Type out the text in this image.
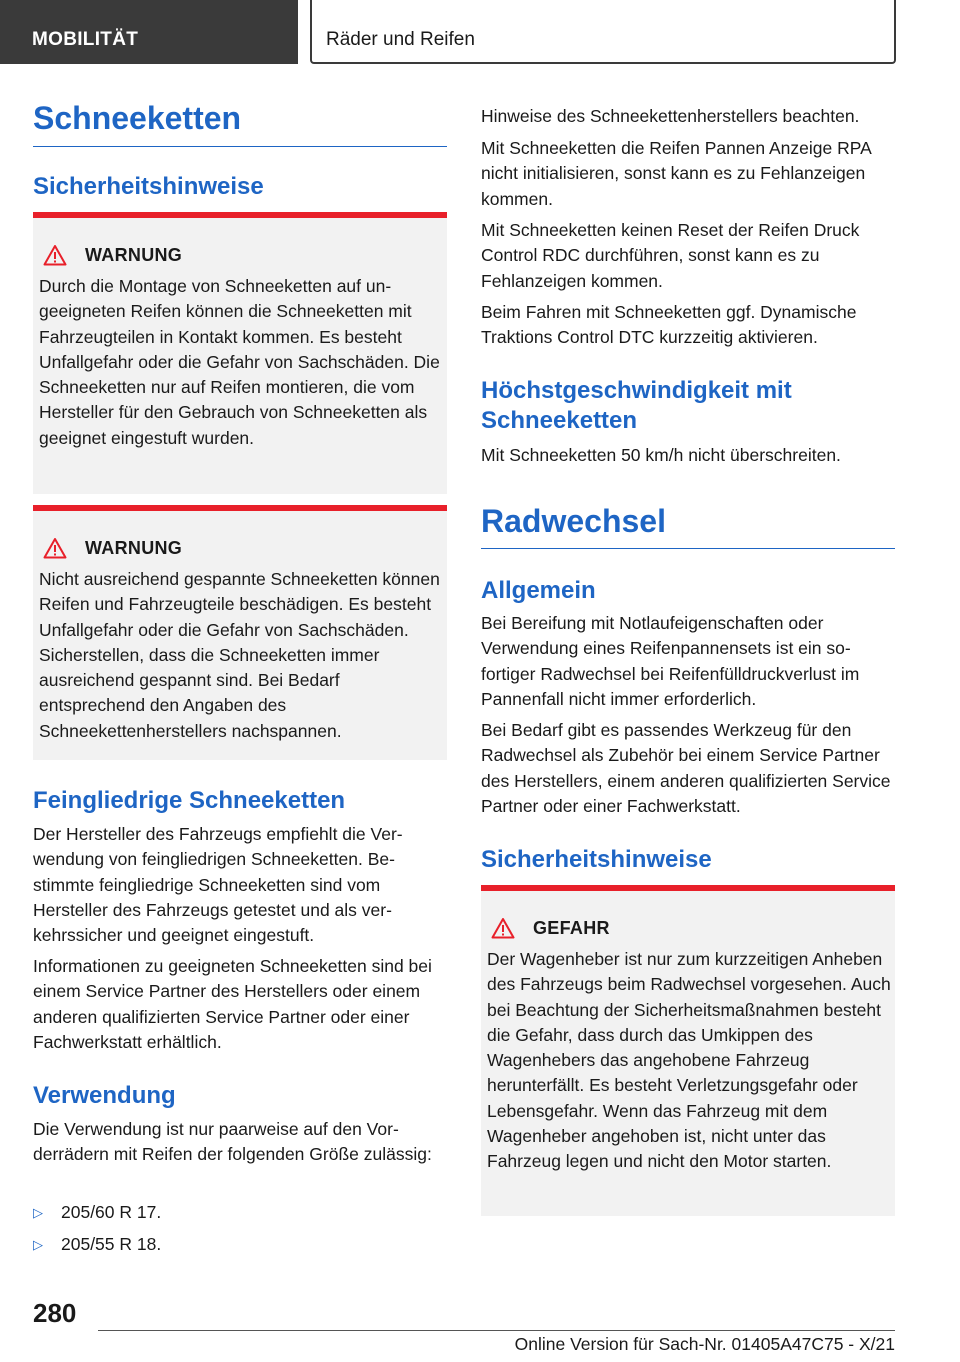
MOBILITÄT	Räder und Reifen
Schneeketten
Sicherheitshinweise
WARNUNG
Durch die Montage von Schneeketten auf ungeeigneten Reifen können die Schneeketten mit Fahrzeugteilen in Kontakt kommen. Es besteht Unfallgefahr oder die Gefahr von Sachschäden. Die Schneeketten nur auf Reifen montieren, die vom Hersteller für den Gebrauch von Schneeketten als geeignet eingestuft wurden.
WARNUNG
Nicht ausreichend gespannte Schneeketten können Reifen und Fahrzeugteile beschädigen. Es besteht Unfallgefahr oder die Gefahr von Sachschäden. Sicherstellen, dass die Schneeketten immer ausreichend gespannt sind. Bei Bedarf entsprechend den Angaben des Schneekettenherstellers nachspannen.
Feingliedrige Schneeketten
Der Hersteller des Fahrzeugs empfiehlt die Verwendung von feingliedrigen Schneeketten. Bestimmte feingliedrige Schneeketten sind vom Hersteller des Fahrzeugs getestet und als verkehrssicher und geeignet eingestuft.
Informationen zu geeigneten Schneeketten sind bei einem Service Partner des Herstellers oder einem anderen qualifizierten Service Partner oder einer Fachwerkstatt erhältlich.
Verwendung
Die Verwendung ist nur paarweise auf den Vorderrädern mit Reifen der folgenden Größe zulässig:
▷ 205/60 R 17.
▷ 205/55 R 18.
Hinweise des Schneekettenherstellers beachten.
Mit Schneeketten die Reifen Pannen Anzeige RPA nicht initialisieren, sonst kann es zu Fehlanzeigen kommen.
Mit Schneeketten keinen Reset der Reifen Druck Control RDC durchführen, sonst kann es zu Fehlanzeigen kommen.
Beim Fahren mit Schneeketten ggf. Dynamische Traktions Control DTC kurzzeitig aktivieren.
Höchstgeschwindigkeit mit
Schneeketten
Mit Schneeketten 50 km/h nicht überschreiten.
Radwechsel
Allgemein
Bei Bereifung mit Notlaufeigenschaften oder Verwendung eines Reifenpannensets ist ein sofortiger Radwechsel bei Reifenfülldruckverlust im Pannenfall nicht immer erforderlich.
Bei Bedarf gibt es passendes Werkzeug für den Radwechsel als Zubehör bei einem Service Partner des Herstellers, einem anderen qualifizierten Service Partner oder einer Fachwerkstatt.
Sicherheitshinweise
GEFAHR
Der Wagenheber ist nur zum kurzzeitigen Anheben des Fahrzeugs beim Radwechsel vorgesehen. Auch bei Beachtung der Sicherheitsmaßnahmen besteht die Gefahr, dass durch das Umkippen des Wagenhebers das angehobene Fahrzeug herunterfällt. Es besteht Verletzungsgefahr oder Lebensgefahr. Wenn das Fahrzeug mit dem Wagenheber angehoben ist, nicht unter das Fahrzeug legen und nicht den Motor starten.
280
Online Version für Sach-Nr. 01405A47C75 - X/21
